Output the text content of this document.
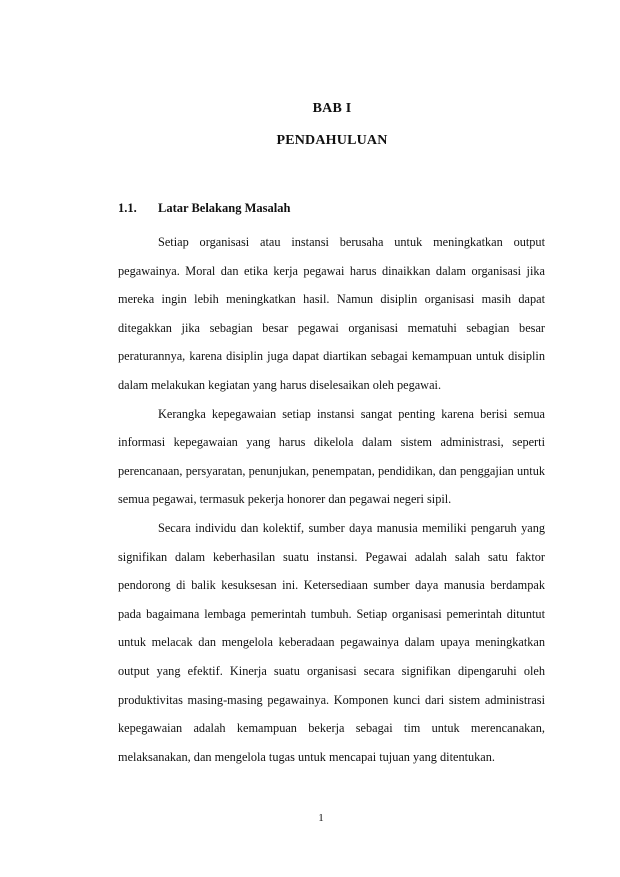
BAB I
PENDAHULUAN
1.1. Latar Belakang Masalah

Setiap organisasi atau instansi berusaha untuk meningkatkan output pegawainya. Moral dan etika kerja pegawai harus dinaikkan dalam organisasi jika mereka ingin lebih meningkatkan hasil. Namun disiplin organisasi masih dapat ditegakkan jika sebagian besar pegawai organisasi mematuhi sebagian besar peraturannya, karena disiplin juga dapat diartikan sebagai kemampuan untuk disiplin dalam melakukan kegiatan yang harus diselesaikan oleh pegawai.

Kerangka kepegawaian setiap instansi sangat penting karena berisi semua informasi kepegawaian yang harus dikelola dalam sistem administrasi, seperti perencanaan, persyaratan, penunjukan, penempatan, pendidikan, dan penggajian untuk semua pegawai, termasuk pekerja honorer dan pegawai negeri sipil.

Secara individu dan kolektif, sumber daya manusia memiliki pengaruh yang signifikan dalam keberhasilan suatu instansi. Pegawai adalah salah satu faktor pendorong di balik kesuksesan ini. Ketersediaan sumber daya manusia berdampak pada bagaimana lembaga pemerintah tumbuh. Setiap organisasi pemerintah dituntut untuk melacak dan mengelola keberadaan pegawainya dalam upaya meningkatkan output yang efektif. Kinerja suatu organisasi secara signifikan dipengaruhi oleh produktivitas masing-masing pegawainya. Komponen kunci dari sistem administrasi kepegawaian adalah kemampuan bekerja sebagai tim untuk merencanakan, melaksanakan, dan mengelola tugas untuk mencapai tujuan yang ditentukan.

1
